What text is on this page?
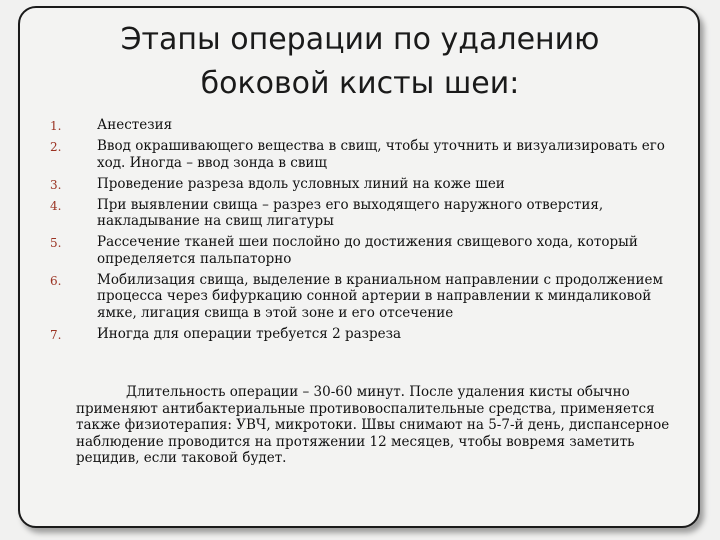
Этапы операции по удалению боковой кисты шеи:
1.	Анестезия
2.	Ввод окрашивающего вещества в свищ, чтобы уточнить и визуализировать его ход. Иногда – ввод зонда в свищ
3.	Проведение разреза вдоль условных линий на коже шеи
4.	При выявлении свища – разрез его выходящего наружного отверстия, накладывание на свищ лигатуры
5.	Рассечение тканей шеи послойно до достижения свищевого хода, который определяется пальпаторно
6.	Мобилизация свища, выделение в краниальном направлении с продолжением процесса через бифуркацию сонной артерии в направлении к миндаликовой ямке, лигация свища в этой зоне и его отсечение
7.	Иногда для операции требуется 2 разреза

Длительность операции – 30-60 минут. После удаления кисты обычно применяют антибактериальные противовоспалительные средства, применяется также физиотерапия: УВЧ, микротоки. Швы снимают на 5-7-й день, диспансерное наблюдение проводится на протяжении 12 месяцев, чтобы вовремя заметить рецидив, если таковой будет.
